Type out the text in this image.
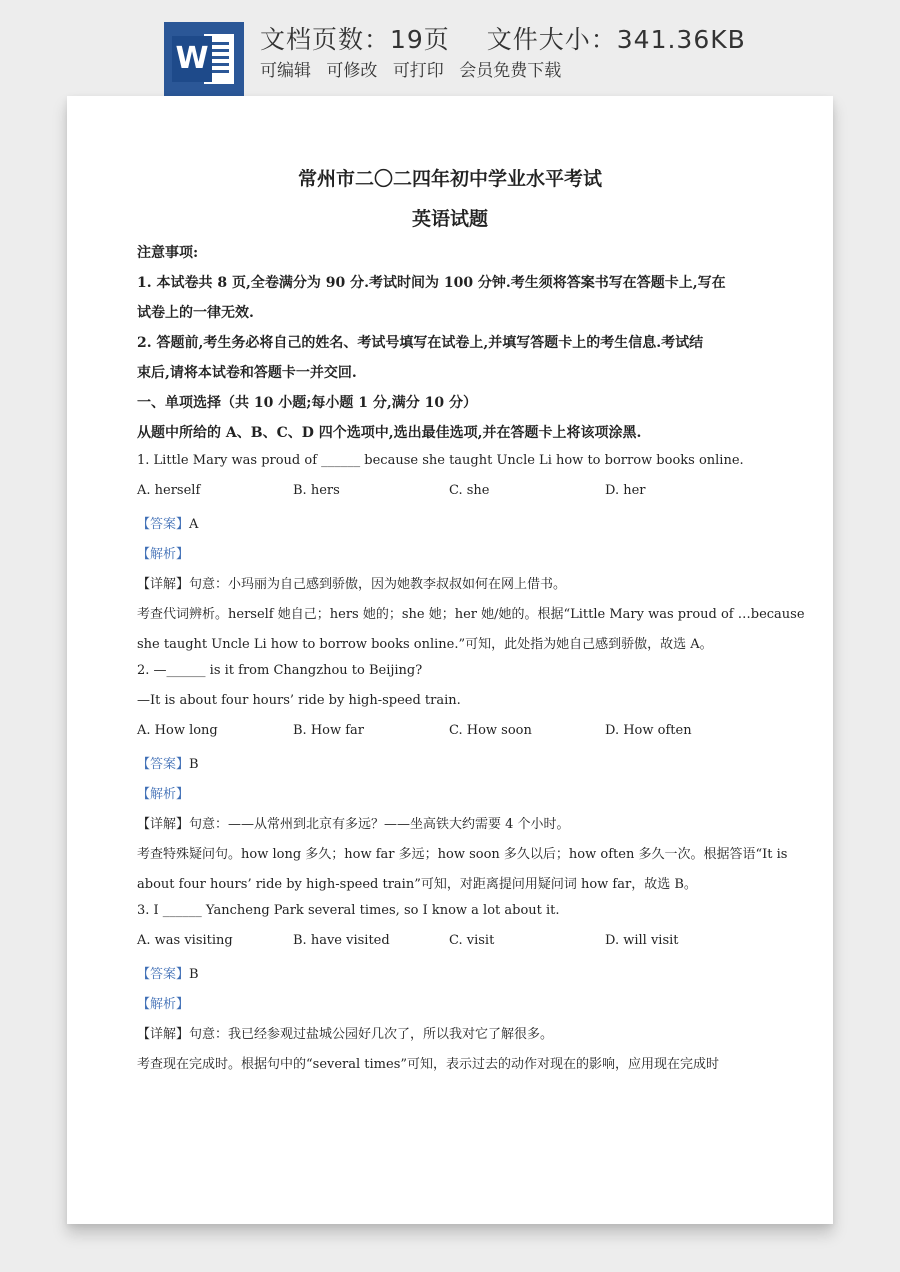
W
文档页数：19页 文件大小：341.36KB
可编辑 可修改 可打印 会员免费下载
常州市二〇二四年初中学业水平考试
英语试题
注意事项:
1. 本试卷共 8 页,全卷满分为 90 分.考试时间为 100 分钟.考生须将答案书写在答题卡上,写在
试卷上的一律无效.
2. 答题前,考生务必将自己的姓名、考试号填写在试卷上,并填写答题卡上的考生信息.考试结
束后,请将本试卷和答题卡一并交回.
一、单项选择（共 10 小题;每小题 1 分,满分 10 分）
从题中所给的 A、B、C、D 四个选项中,选出最佳选项,并在答题卡上将该项涂黑.
1. Little Mary was proud of ______ because she taught Uncle Li how to borrow books online.
A. herself	B. hers	C. she	D. her
【答案】A
【解析】
【详解】句意：小玛丽为自己感到骄傲，因为她教李叔叔如何在网上借书。
考查代词辨析。herself 她自己；hers 她的；she 她；her 她/她的。根据“Little Mary was proud of …because
she taught Uncle Li how to borrow books online.”可知，此处指为她自己感到骄傲，故选 A。
2. —______ is it from Changzhou to Beijing?
—It is about four hours’ ride by high-speed train.
A. How long	B. How far	C. How soon	D. How often
【答案】B
【解析】
【详解】句意：——从常州到北京有多远？——坐高铁大约需要 4 个小时。
考查特殊疑问句。how long 多久；how far 多远；how soon 多久以后；how often 多久一次。根据答语“It is
about four hours’ ride by high-speed train”可知，对距离提问用疑问词 how far，故选 B。
3. I ______ Yancheng Park several times, so I know a lot about it.
A. was visiting	B. have visited	C. visit	D. will visit
【答案】B
【解析】
【详解】句意：我已经参观过盐城公园好几次了，所以我对它了解很多。
考查现在完成时。根据句中的“several times”可知，表示过去的动作对现在的影响，应用现在完成时
